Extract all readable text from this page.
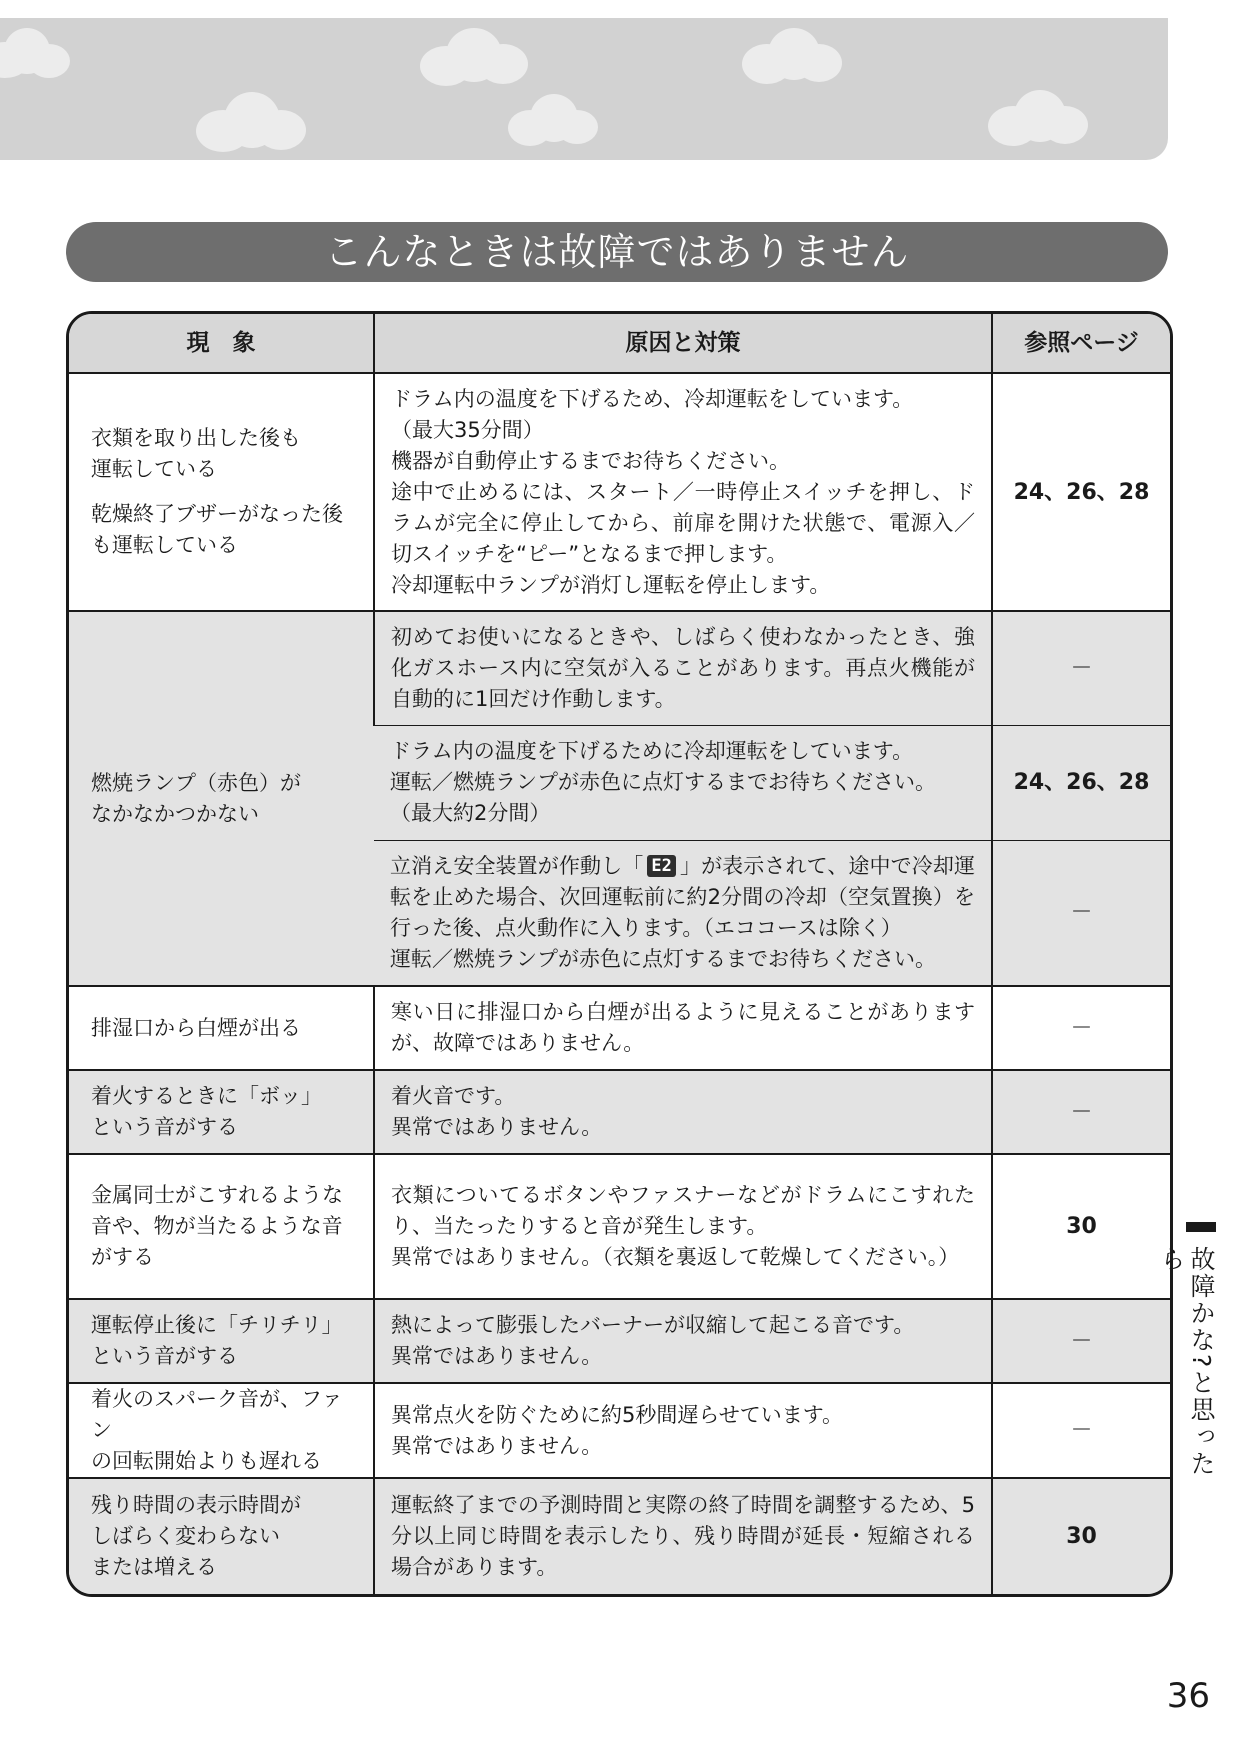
こんなときは故障ではありません
現　象	原因と対策	参照ページ

衣類を取り出した後も
運転している
乾燥終了ブザーがなった後
も運転している	ドラム内の温度を下げるため、冷却運転をしています。
（最大35分間）
機器が自動停止するまでお待ちください。
途中で止めるには、スタート／一時停止スイッチを押し、ドラムが完全に停止してから、前扉を開けた状態で、電源入／切スイッチを“ピー”となるまで押します。
冷却運転中ランプが消灯し運転を停止します。	24、26、28

燃焼ランプ（赤色）が
なかなかつかない	初めてお使いになるときや、しばらく使わなかったとき、強化ガスホース内に空気が入ることがあります。再点火機能が自動的に1回だけ作動します。	－

	ドラム内の温度を下げるために冷却運転をしています。
運転／燃焼ランプが赤色に点灯するまでお待ちください。
（最大約2分間）	24、26、28

	立消え安全装置が作動し「 E2 」が表示されて、途中で冷却運転を止めた場合、次回運転前に約2分間の冷却（空気置換）を行った後、点火動作に入ります。（エココースは除く）
運転／燃焼ランプが赤色に点灯するまでお待ちください。	－

排湿口から白煙が出る	寒い日に排湿口から白煙が出るように見えることがありますが、故障ではありません。	－

着火するときに「ボッ」
という音がする	着火音です。
異常ではありません。	－

金属同士がこすれるような
音や、物が当たるような音
がする	衣類についてるボタンやファスナーなどがドラムにこすれたり、当たったりすると音が発生します。
異常ではありません。（衣類を裏返して乾燥してください。）	30

運転停止後に「チリチリ」
という音がする	熱によって膨張したバーナーが収縮して起こる音です。
異常ではありません。	－

着火のスパーク音が、ファン
の回転開始よりも遅れる	異常点火を防ぐために約5秒間遅らせています。
異常ではありません。	－

残り時間の表示時間が
しばらく変わらない
または増える	運転終了までの予測時間と実際の終了時間を調整するため、5分以上同じ時間を表示したり、残り時間が延長・短縮される場合があります。	30
故障かな?と思ったら
36
